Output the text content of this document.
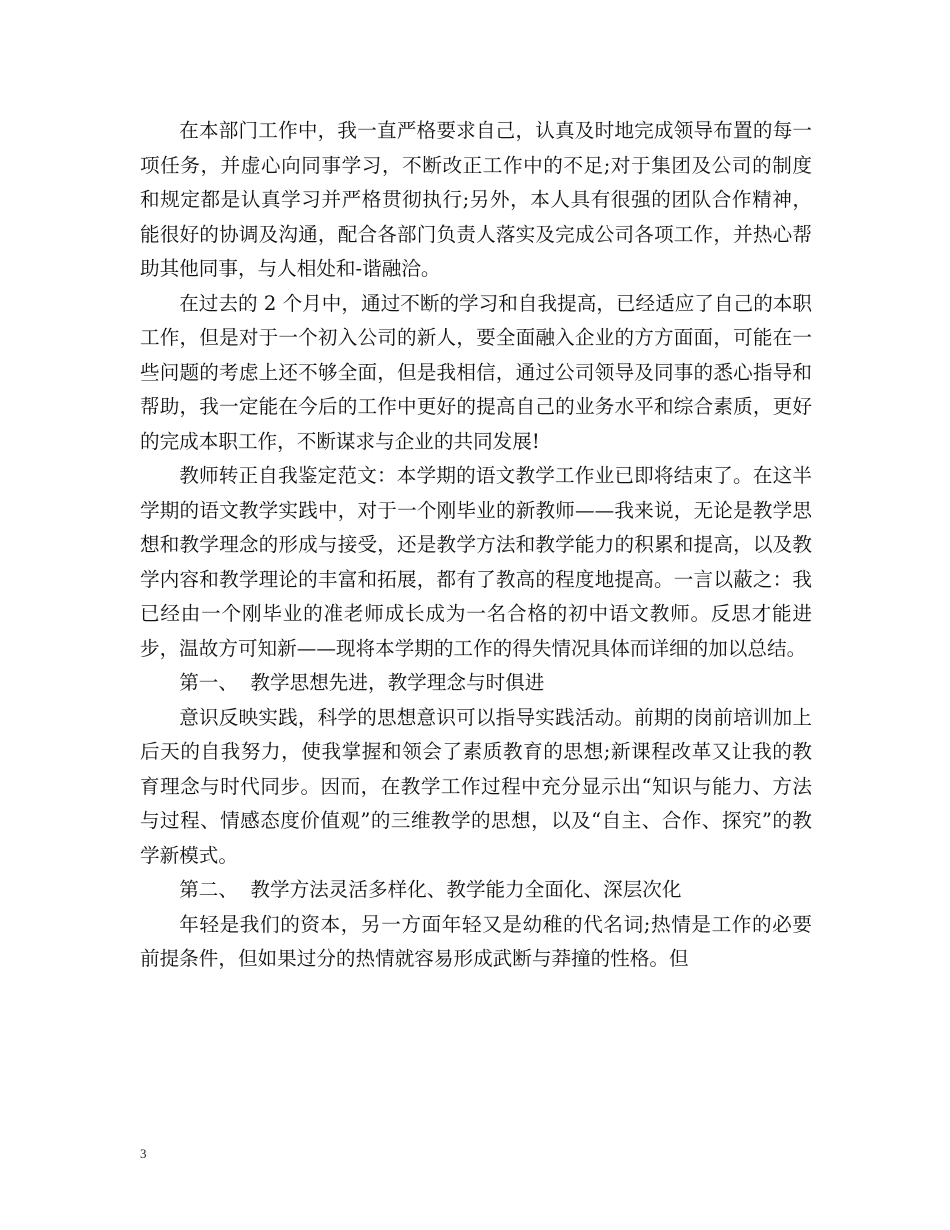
在本部门工作中，我一直严格要求自己，认真及时地完成领导布置的每一项任务，并虚心向同事学习，不断改正工作中的不足;对于集团及公司的制度和规定都是认真学习并严格贯彻执行;另外，本人具有很强的团队合作精神，能很好的协调及沟通，配合各部门负责人落实及完成公司各项工作，并热心帮助其他同事，与人相处和-谐融洽。

在过去的 2 个月中，通过不断的学习和自我提高，已经适应了自己的本职工作，但是对于一个初入公司的新人，要全面融入企业的方方面面，可能在一些问题的考虑上还不够全面，但是我相信，通过公司领导及同事的悉心指导和帮助，我一定能在今后的工作中更好的提高自己的业务水平和综合素质，更好的完成本职工作，不断谋求与企业的共同发展!

教师转正自我鉴定范文：本学期的语文教学工作业已即将结束了。在这半学期的语文教学实践中，对于一个刚毕业的新教师——我来说，无论是教学思想和教学理念的形成与接受，还是教学方法和教学能力的积累和提高，以及教学内容和教学理论的丰富和拓展，都有了教高的程度地提高。一言以蔽之：我已经由一个刚毕业的准老师成长成为一名合格的初中语文教师。反思才能进步，温故方可知新——现将本学期的工作的得失情况具体而详细的加以总结。

第一、  教学思想先进，教学理念与时俱进

意识反映实践，科学的思想意识可以指导实践活动。前期的岗前培训加上后天的自我努力，使我掌握和领会了素质教育的思想;新课程改革又让我的教育理念与时代同步。因而，在教学工作过程中充分显示出“知识与能力、方法与过程、情感态度价值观”的三维教学的思想，以及“自主、合作、探究”的教学新模式。

第二、  教学方法灵活多样化、教学能力全面化、深层次化

年轻是我们的资本，另一方面年轻又是幼稚的代名词;热情是工作的必要前提条件，但如果过分的热情就容易形成武断与莽撞的性格。但

3
